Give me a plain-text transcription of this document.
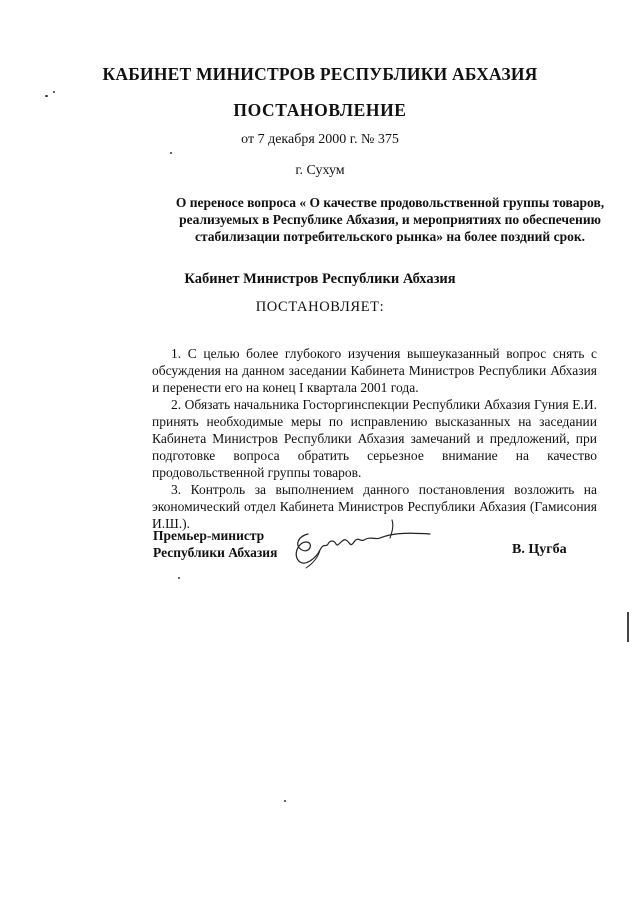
КАБИНЕТ МИНИСТРОВ РЕСПУБЛИКИ АБХАЗИЯ
ПОСТАНОВЛЕНИЕ
от 7 декабря 2000 г. № 375
г. Сухум
О переносе вопроса « О качестве продовольственной группы товаров,
реализуемых в Республике Абхазия, и мероприятиях по обеспечению
стабилизации потребительского рынка» на более поздний срок.
Кабинет Министров Республики Абхазия
ПОСТАНОВЛЯЕТ:

1. С целью более глубокого изучения вышеуказанный вопрос снять с обсуждения на данном заседании Кабинета Министров Республики Абхазия и перенести его на конец I квартала 2001 года.

2. Обязать начальника Госторгинспекции Республики Абхазия Гуния Е.И. принять необходимые меры по исправлению высказанных на заседании Кабинета Министров Республики Абхазия замечаний и предложений, при подготовке вопроса обратить серьезное внимание на качество продовольственной группы товаров.

3. Контроль за выполнением данного постановления возложить на экономический отдел Кабинета Министров Республики Абхазия (Гамисония И.Ш.).

Премьер-министр
Республики Абхазия	В. Цугба
